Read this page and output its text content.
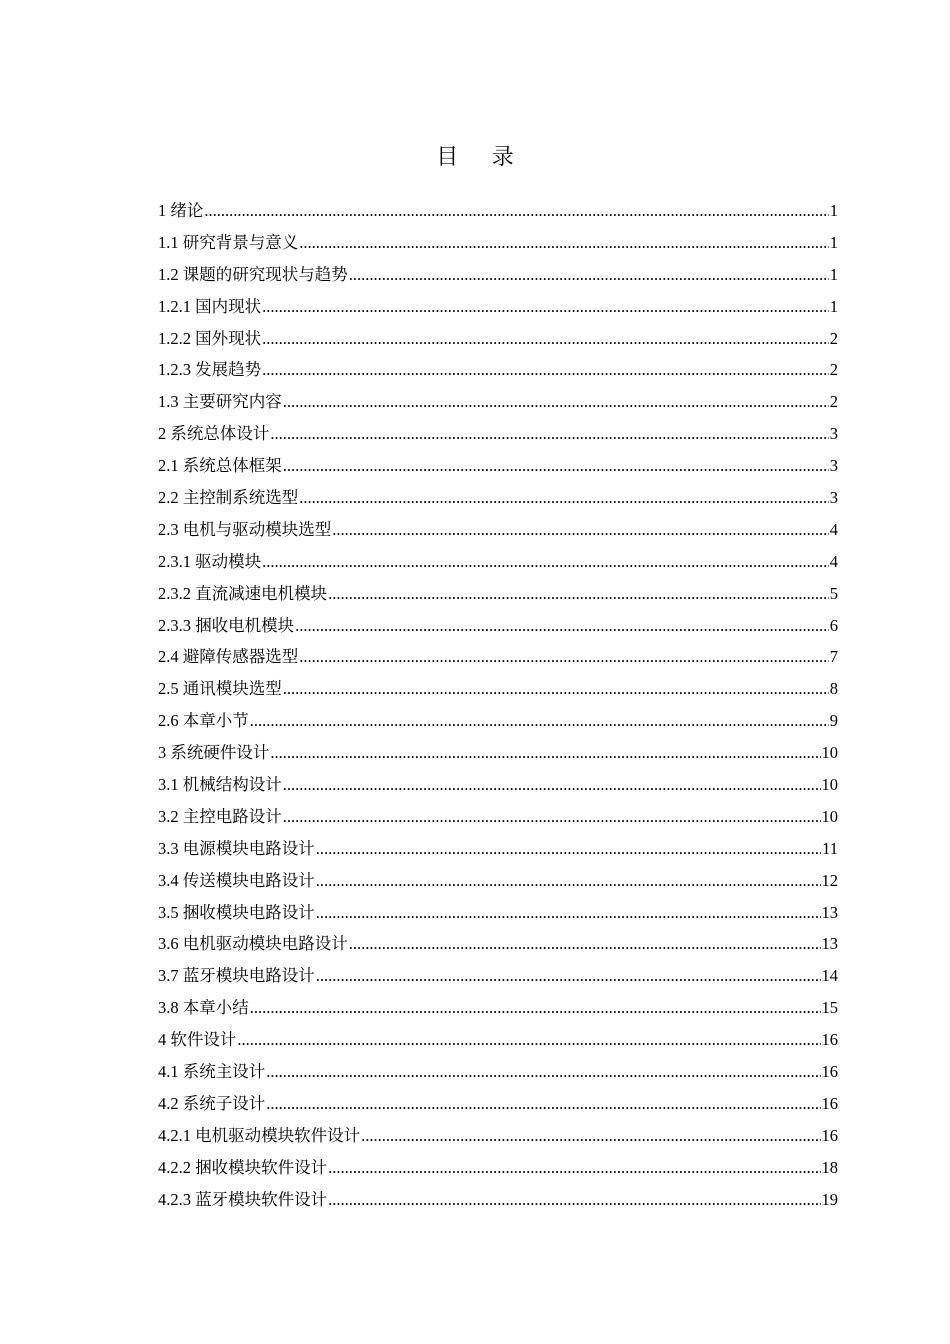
目 录
1 绪论 .....	1
1.1 研究背景与意义 .....	1
1.2 课题的研究现状与趋势 .....	1
1.2.1 国内现状 .....	1
1.2.2 国外现状 .....	2
1.2.3 发展趋势 .....	2
1.3 主要研究内容 .....	2
2 系统总体设计 .....	3
2.1 系统总体框架 .....	3
2.2 主控制系统选型 .....	3
2.3 电机与驱动模块选型 .....	4
2.3.1 驱动模块 .....	4
2.3.2 直流减速电机模块 .....	5
2.3.3 捆收电机模块 .....	6
2.4 避障传感器选型 .....	7
2.5 通讯模块选型 .....	8
2.6 本章小节 .....	9
3 系统硬件设计 .....	10
3.1 机械结构设计 .....	10
3.2 主控电路设计 .....	10
3.3 电源模块电路设计 .....	11
3.4 传送模块电路设计 .....	12
3.5 捆收模块电路设计 .....	13
3.6 电机驱动模块电路设计 .....	13
3.7 蓝牙模块电路设计 .....	14
3.8 本章小结 .....	15
4 软件设计 .....	16
4.1 系统主设计 .....	16
4.2 系统子设计 .....	16
4.2.1 电机驱动模块软件设计 .....	16
4.2.2 捆收模块软件设计 .....	18
4.2.3 蓝牙模块软件设计 .....	19
